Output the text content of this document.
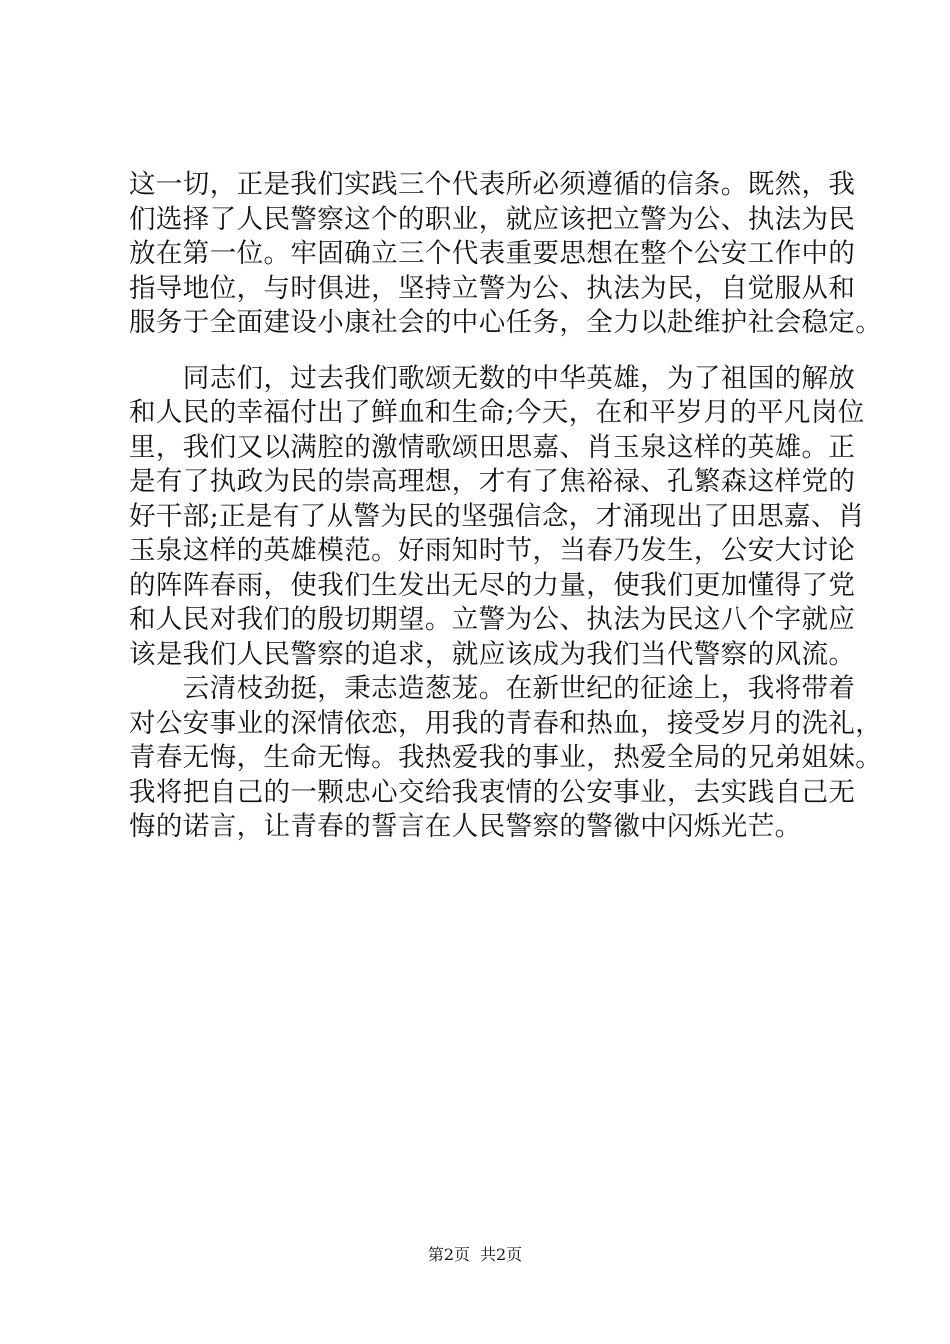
这一切，正是我们实践三个代表所必须遵循的信条。既然，我
们选择了人民警察这个的职业，就应该把立警为公、执法为民
放在第一位。牢固确立三个代表重要思想在整个公安工作中的
指导地位，与时俱进，坚持立警为公、执法为民，自觉服从和
服务于全面建设小康社会的中心任务，全力以赴维护社会稳定。
　　同志们，过去我们歌颂无数的中华英雄，为了祖国的解放
和人民的幸福付出了鲜血和生命;今天，在和平岁月的平凡岗位
里，我们又以满腔的激情歌颂田思嘉、肖玉泉这样的英雄。正
是有了执政为民的崇高理想，才有了焦裕禄、孔繁森这样党的
好干部;正是有了从警为民的坚强信念，才涌现出了田思嘉、肖
玉泉这样的英雄模范。好雨知时节，当春乃发生，公安大讨论
的阵阵春雨，使我们生发出无尽的力量，使我们更加懂得了党
和人民对我们的殷切期望。立警为公、执法为民这八个字就应
该是我们人民警察的追求，就应该成为我们当代警察的风流。
　　云清枝劲挺，秉志造葱茏。在新世纪的征途上，我将带着
对公安事业的深情依恋，用我的青春和热血，接受岁月的洗礼，
青春无悔，生命无悔。我热爱我的事业，热爱全局的兄弟姐妹。
我将把自己的一颗忠心交给我衷情的公安事业，去实践自己无
悔的诺言，让青春的誓言在人民警察的警徽中闪烁光芒。
第2页 共2页
